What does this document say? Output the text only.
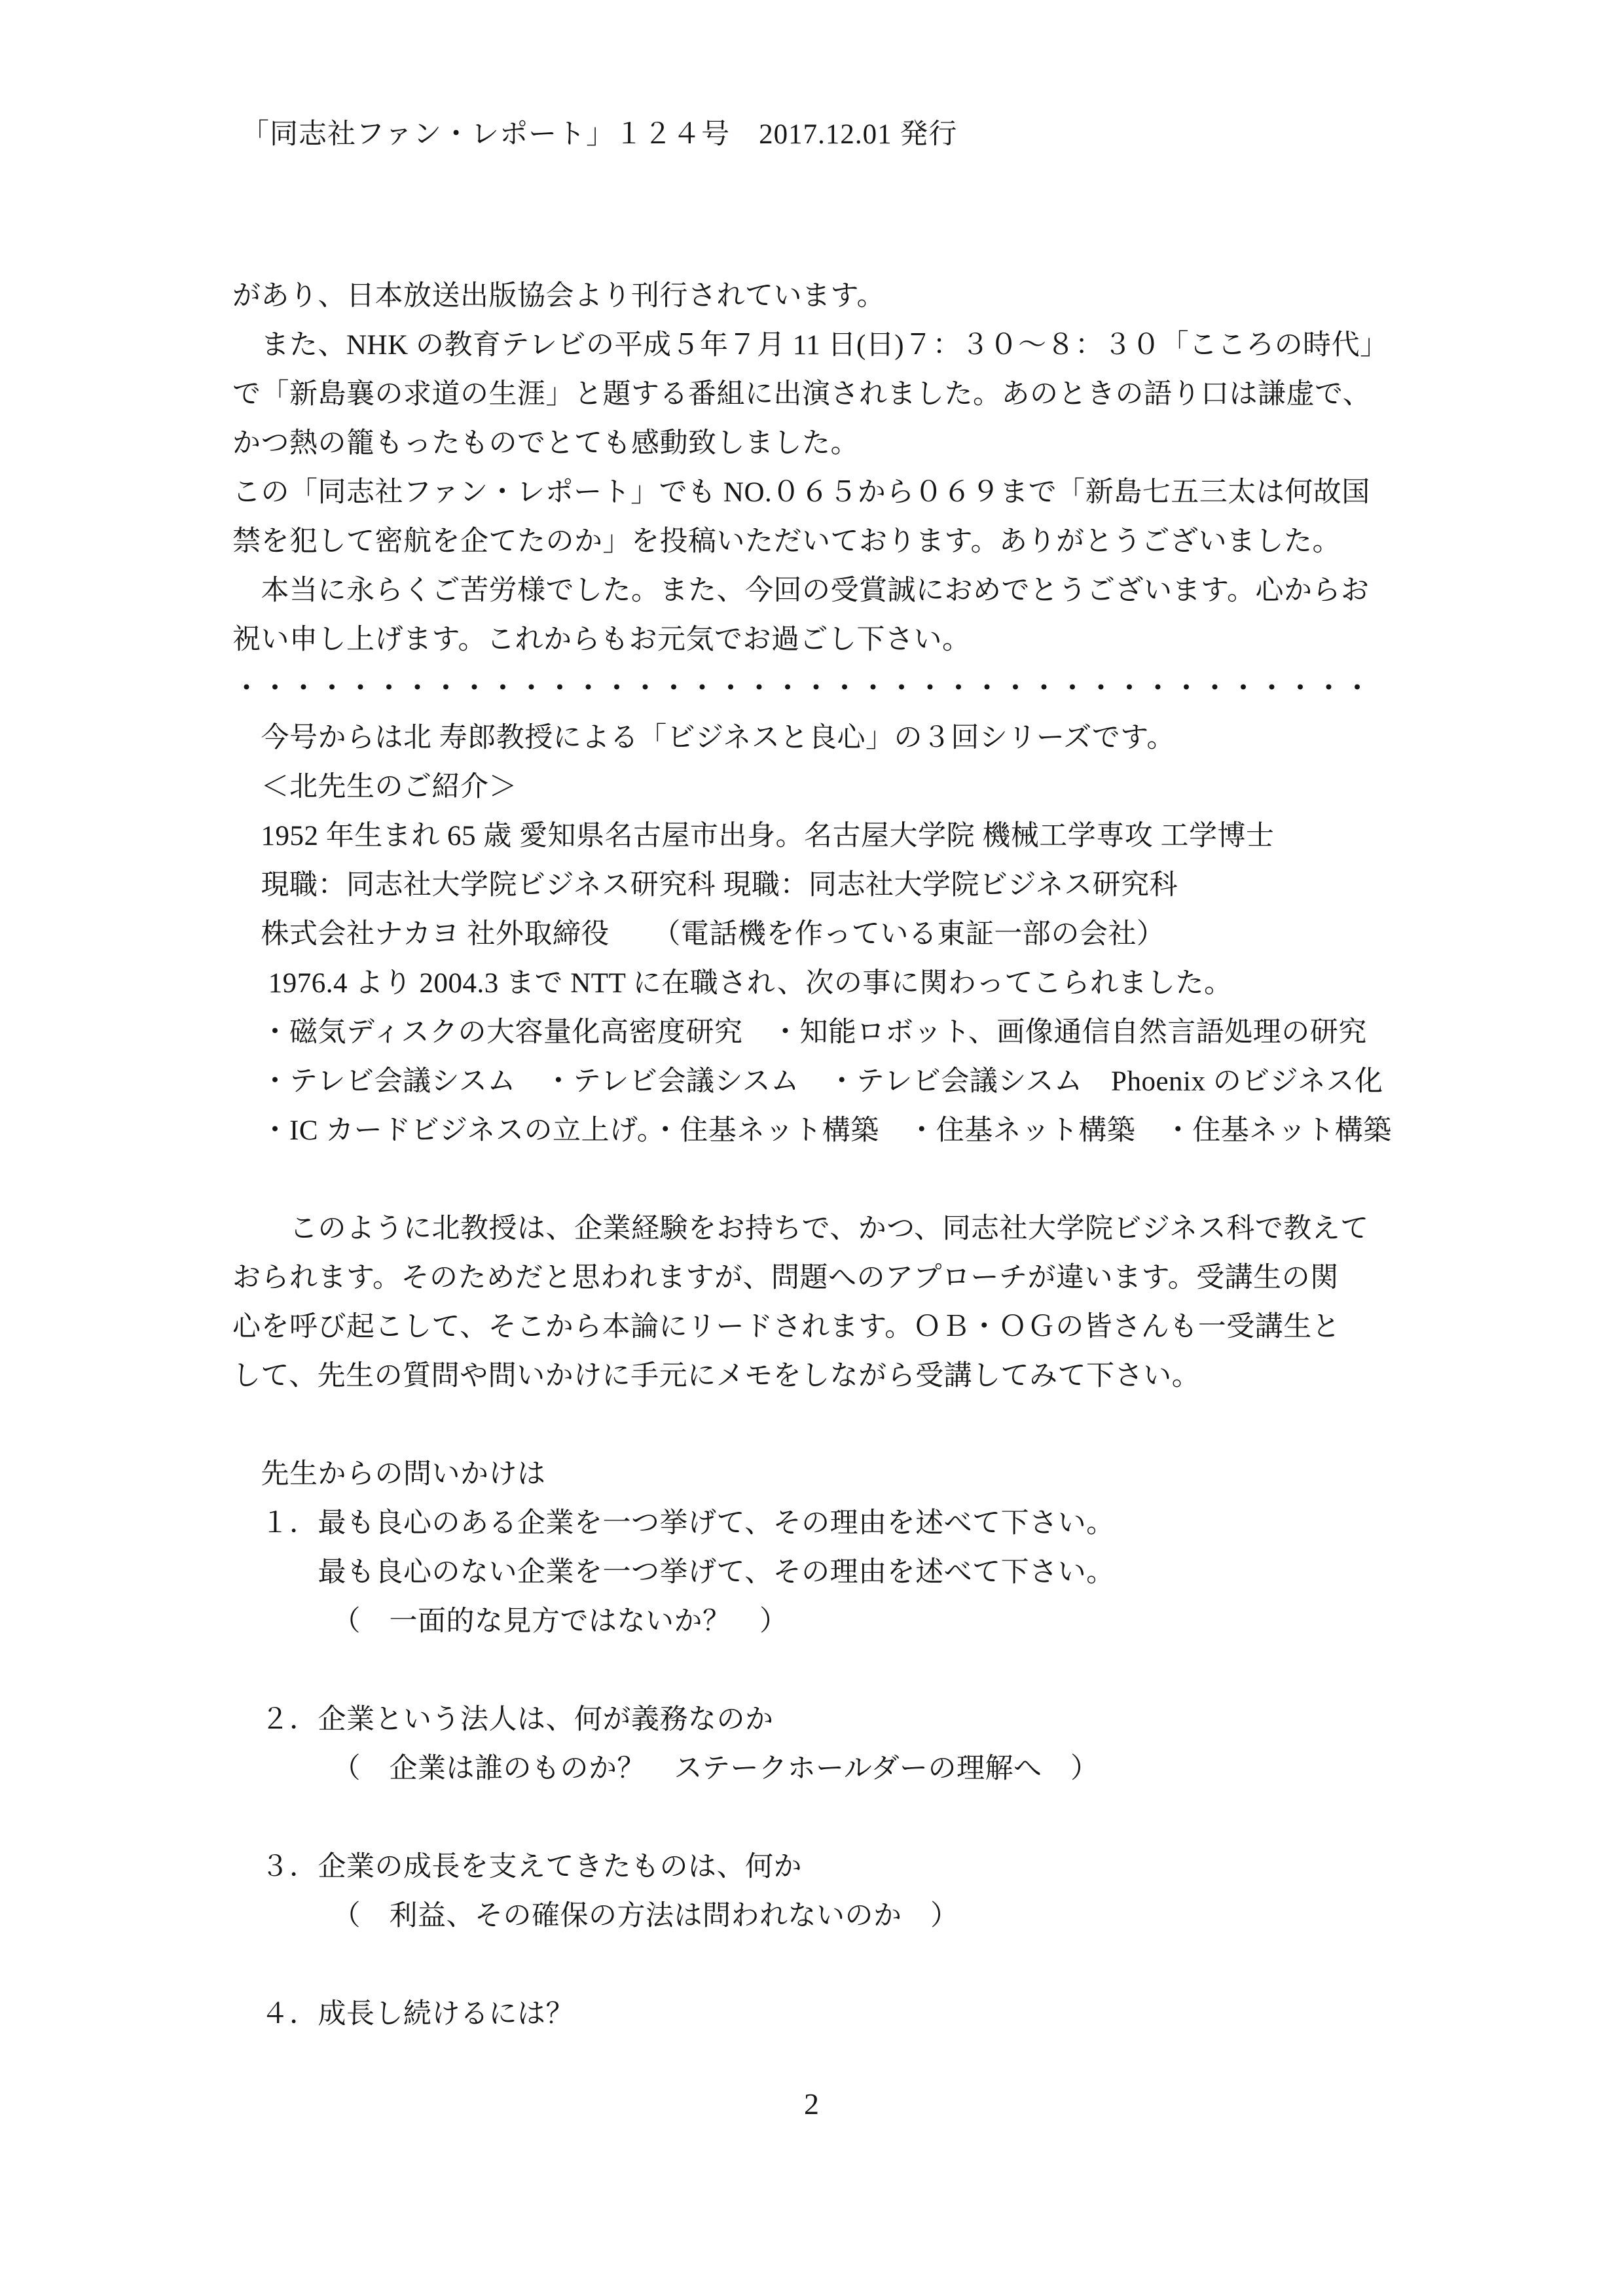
「同志社ファン・レポート」１２４号　2017.12.01 発行
があり、日本放送出版協会より刊行されています。
　また、NHK の教育テレビの平成５年７月 11 日(日)７：３０～８：３０「こころの時代」
で「新島襄の求道の生涯」と題する番組に出演されました。あのときの語り口は謙虚で、
かつ熱の籠もったものでとても感動致しました。
この「同志社ファン・レポート」でも NO.０６５から０６９まで「新島七五三太は何故国
禁を犯して密航を企てたのか」を投稿いただいております。ありがとうございました。
　本当に永らくご苦労様でした。また、今回の受賞誠におめでとうございます。心からお
祝い申し上げます。これからもお元気でお過ごし下さい。
・・・・・・・・・・・・・・・・・・・・・・・・・・・・・・・・・・・・・・・・
　今号からは北 寿郎教授による「ビジネスと良心」の３回シリーズです。
　＜北先生のご紹介＞
　1952 年生まれ 65 歳 愛知県名古屋市出身。名古屋大学院 機械工学専攻 工学博士
　現職：同志社大学院ビジネス研究科 現職：同志社大学院ビジネス研究科
　株式会社ナカヨ 社外取締役　　（電話機を作っている東証一部の会社）
　 1976.4 より 2004.3 まで NTT に在職され、次の事に関わってこられました。
　・磁気ディスクの大容量化高密度研究　・知能ロボット、画像通信自然言語処理の研究
　・テレビ会議シスム　・テレビ会議シスム　・テレビ会議シスム　Phoenix のビジネス化
　・IC カードビジネスの立上げ。・住基ネット構築　・住基ネット構築　・住基ネット構築

　　このように北教授は、企業経験をお持ちで、かつ、同志社大学院ビジネス科で教えて
おられます。そのためだと思われますが、問題へのアプローチが違います。受講生の関
心を呼び起こして、そこから本論にリードされます。ＯＢ・ＯＧの皆さんも一受講生と
して、先生の質問や問いかけに手元にメモをしながら受講してみて下さい。

　先生からの問いかけは
　１．最も良心のある企業を一つ挙げて、その理由を述べて下さい。
　　　最も良心のない企業を一つ挙げて、その理由を述べて下さい。
　　　　（　一面的な見方ではないか？　）

　２．企業という法人は、何が義務なのか
　　　　（　企業は誰のものか？　ステークホールダーの理解へ　）

　３．企業の成長を支えてきたものは、何か
　　　　（　利益、その確保の方法は問われないのか　）

　４．成長し続けるには？
2
